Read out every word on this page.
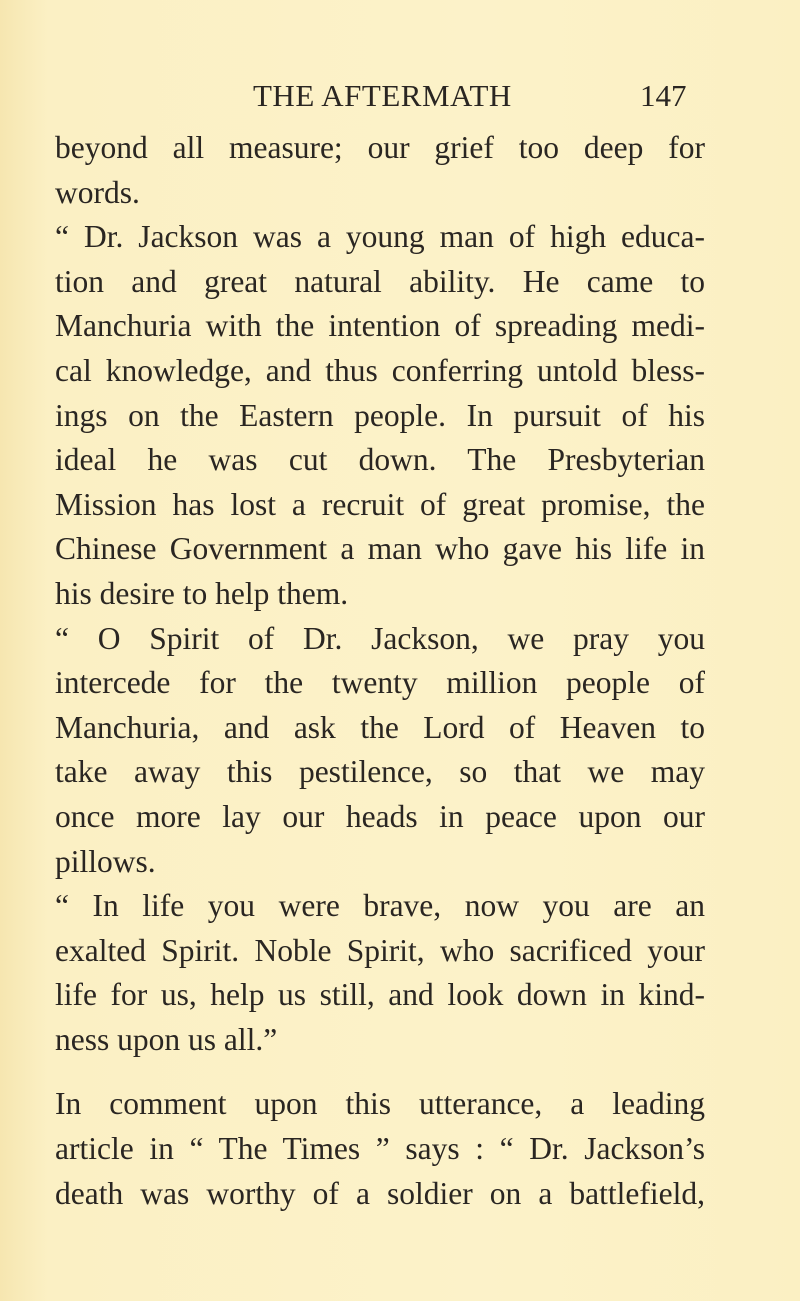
THE AFTERMATH	147
beyond all measure; our grief too deep for
words.
“ Dr. Jackson was a young man of high educa-
tion and great natural ability. He came to
Manchuria with the intention of spreading medi-
cal knowledge, and thus conferring untold bless-
ings on the Eastern people. In pursuit of his
ideal he was cut down. The Presbyterian
Mission has lost a recruit of great promise, the
Chinese Government a man who gave his life in
his desire to help them.
“ O Spirit of Dr. Jackson, we pray you
intercede for the twenty million people of
Manchuria, and ask the Lord of Heaven to
take away this pestilence, so that we may
once more lay our heads in peace upon our
pillows.
“ In life you were brave, now you are an
exalted Spirit. Noble Spirit, who sacrificed your
life for us, help us still, and look down in kind-
ness upon us all.”
In comment upon this utterance, a leading
article in “ The Times ” says : “ Dr. Jackson’s
death was worthy of a soldier on a battlefield,
